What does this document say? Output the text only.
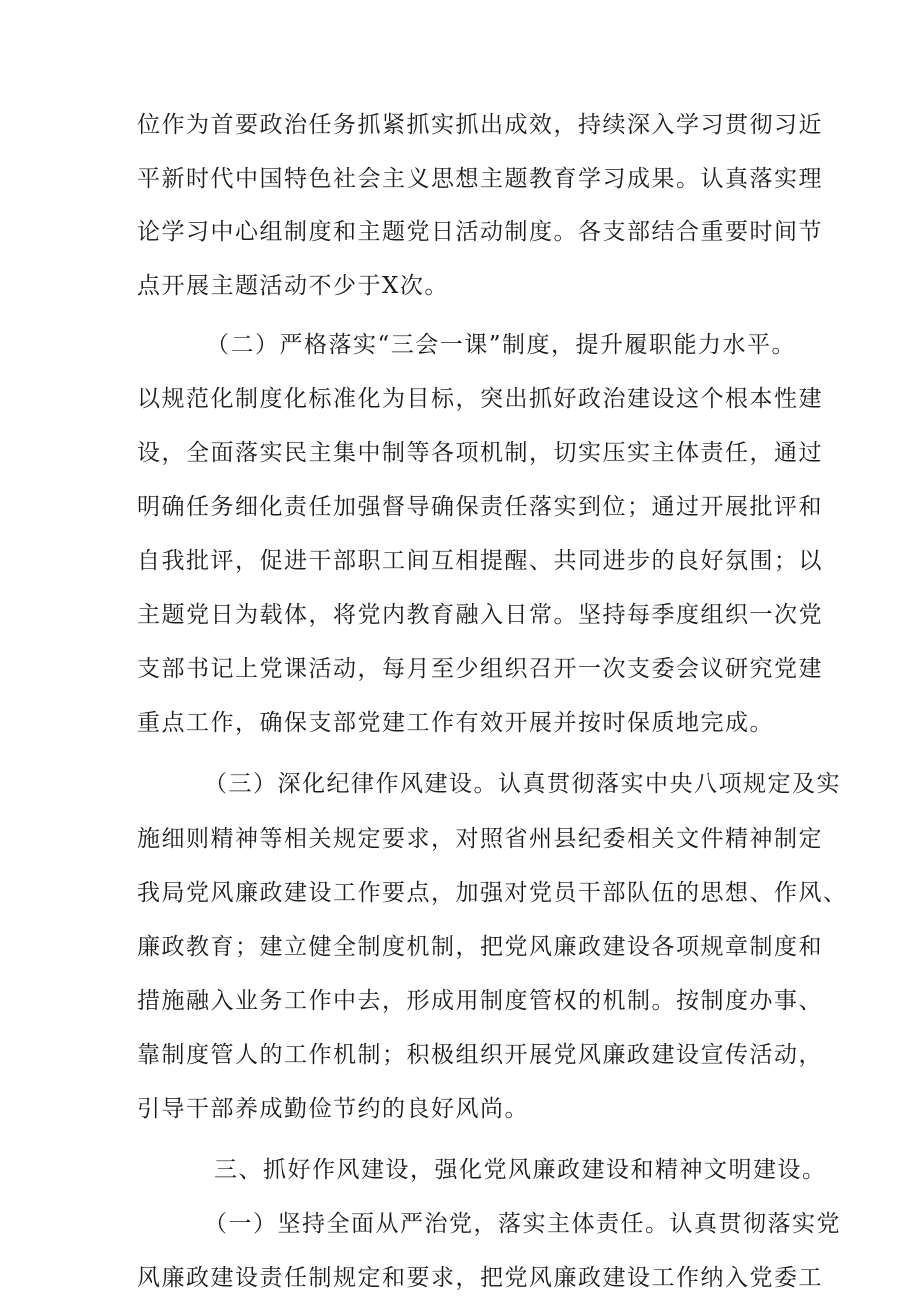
位作为首要政治任务抓紧抓实抓出成效，持续深入学习贯彻习近
平新时代中国特色社会主义思想主题教育学习成果。认真落实理
论学习中心组制度和主题党日活动制度。各支部结合重要时间节
点开展主题活动不少于X次。
（二）严格落实“三会一课”制度，提升履职能力水平。
以规范化制度化标准化为目标，突出抓好政治建设这个根本性建
设，全面落实民主集中制等各项机制，切实压实主体责任，通过
明确任务细化责任加强督导确保责任落实到位；通过开展批评和
自我批评，促进干部职工间互相提醒、共同进步的良好氛围；以
主题党日为载体，将党内教育融入日常。坚持每季度组织一次党
支部书记上党课活动，每月至少组织召开一次支委会议研究党建
重点工作，确保支部党建工作有效开展并按时保质地完成。
（三）深化纪律作风建设。认真贯彻落实中央八项规定及实
施细则精神等相关规定要求，对照省州县纪委相关文件精神制定
我局党风廉政建设工作要点，加强对党员干部队伍的思想、作风、
廉政教育；建立健全制度机制，把党风廉政建设各项规章制度和
措施融入业务工作中去，形成用制度管权的机制。按制度办事、
靠制度管人的工作机制；积极组织开展党风廉政建设宣传活动，
引导干部养成勤俭节约的良好风尚。
三、抓好作风建设，强化党风廉政建设和精神文明建设。
（一）坚持全面从严治党，落实主体责任。认真贯彻落实党
风廉政建设责任制规定和要求，把党风廉政建设工作纳入党委工
